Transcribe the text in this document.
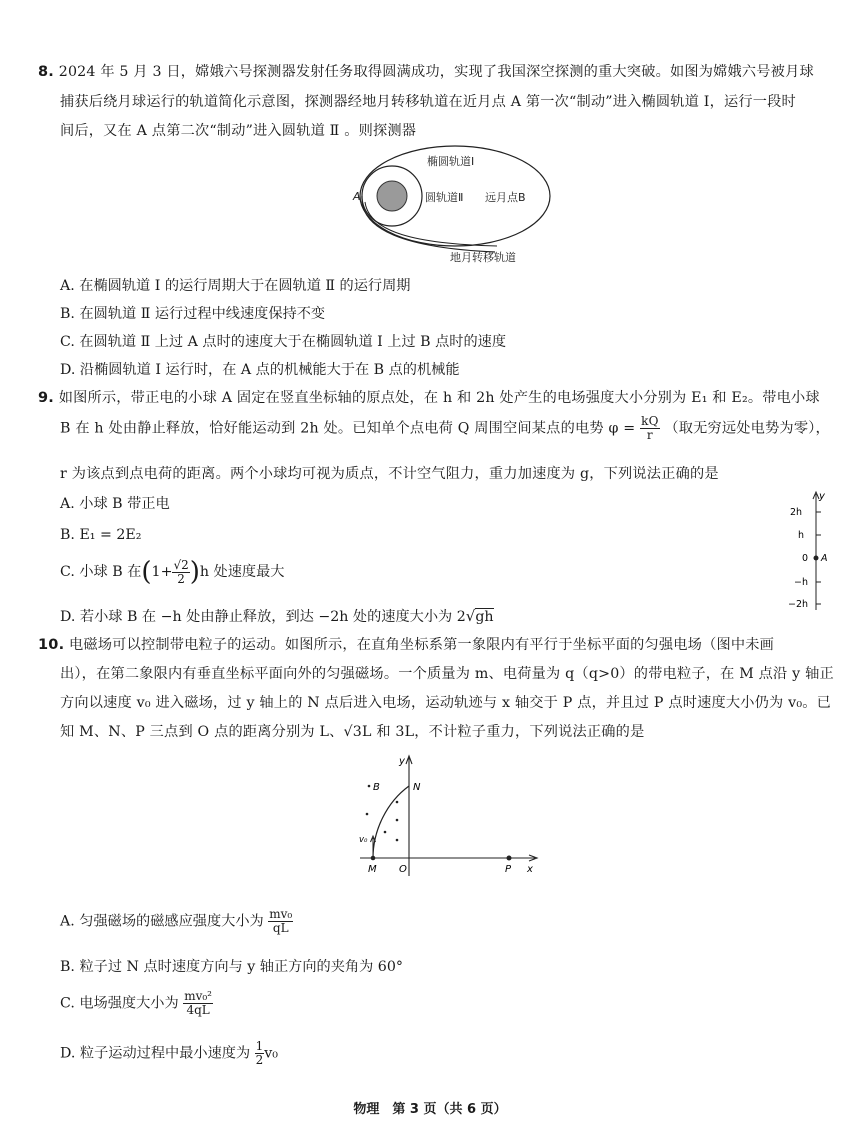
8. 2024 年 5 月 3 日，嫦娥六号探测器发射任务取得圆满成功，实现了我国深空探测的重大突破。如图为嫦娥六号被月球
捕获后绕月球运行的轨道简化示意图，探测器经地月转移轨道在近月点 A 第一次“制动”进入椭圆轨道 Ⅰ，运行一段时
间后，又在 A 点第二次“制动”进入圆轨道 Ⅱ 。则探测器
椭圆轨道Ⅰ
圆轨道Ⅱ 远月点B
A
地月转移轨道
A. 在椭圆轨道 Ⅰ 的运行周期大于在圆轨道 Ⅱ 的运行周期
B. 在圆轨道 Ⅱ 运行过程中线速度保持不变
C. 在圆轨道 Ⅱ 上过 A 点时的速度大于在椭圆轨道 Ⅰ 上过 B 点时的速度
D. 沿椭圆轨道 Ⅰ 运行时，在 A 点的机械能大于在 B 点的机械能
9. 如图所示，带正电的小球 A 固定在竖直坐标轴的原点处，在 h 和 2h 处产生的电场强度大小分别为 E₁ 和 E₂。带电小球
B 在 h 处由静止释放，恰好能运动到 2h 处。已知单个点电荷 Q 周围空间某点的电势 $\varphi = \frac{kQ}{r}$ （取无穷远处电势为零），
r 为该点到点电荷的距离。两个小球均可视为质点，不计空气阻力，重力加速度为 g，下列说法正确的是
A. 小球 B 带正电
B. E₁ = 2E₂
C. 小球 B 在$(1+ \frac{√2}{2} )h$ 处速度最大
D. 若小球 B 在 −h 处由静止释放，到达 −2h 处的速度大小为 2√gh
y
2h
h
0 A
−h
−2h
10. 电磁场可以控制带电粒子的运动。如图所示，在直角坐标系第一象限内有平行于坐标平面的匀强电场（图中未画
出），在第二象限内有垂直坐标平面向外的匀强磁场。一个质量为 m、电荷量为 q（q>0）的带电粒子，在 M 点沿 y 轴正
方向以速度 v₀ 进入磁场，过 y 轴上的 N 点后进入电场，运动轨迹与 x 轴交于 P 点，并且过 P 点时速度大小仍为 v₀。已
知 M、N、P 三点到 O 点的距离分别为 L、√3L 和 3L，不计粒子重力，下列说法正确的是
y
x
B	N
v₀
M O	P
A. 匀强磁场的磁感应强度大小为 $\frac{\text{mv₀}}{qL}$
B. 粒子过 N 点时速度方向与 y 轴正方向的夹角为 60°
C. 电场强度大小为 $\frac{\text{mv₀²}}{4qL}$
D. 粒子运动过程中最小速度为 $\frac{1}{2} v_0$
物理　第 3 页（共 6 页）
